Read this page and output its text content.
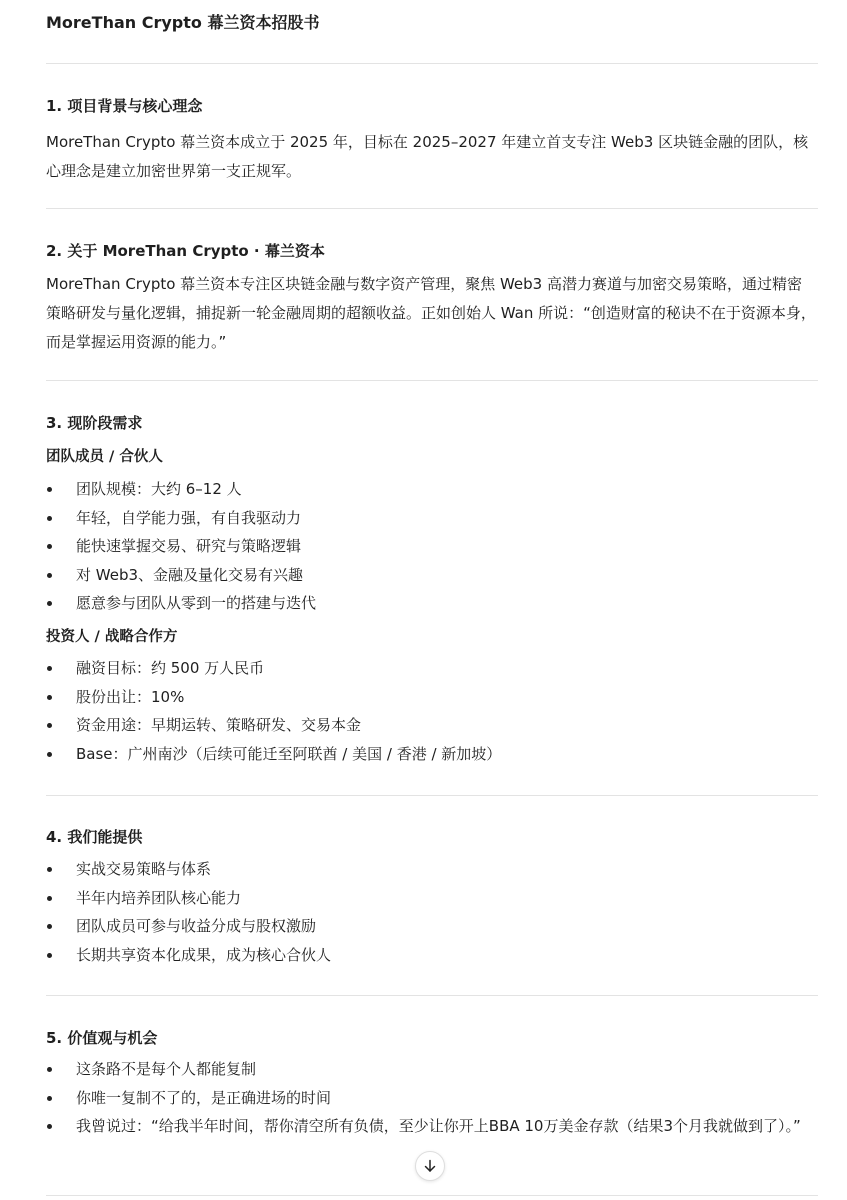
MoreThan Crypto 幕兰资本招股书
1. 项目背景与核心理念
MoreThan Crypto 幕兰资本成立于 2025 年，目标在 2025–2027 年建立首支专注 Web3 区块链金融的团队，核心理念是建立加密世界第一支正规军。
2. 关于 MoreThan Crypto · 幕兰资本
MoreThan Crypto 幕兰资本专注区块链金融与数字资产管理，聚焦 Web3 高潜力赛道与加密交易策略，通过精密策略研发与量化逻辑，捕捉新一轮金融周期的超额收益。正如创始人 Wan 所说：“创造财富的秘诀不在于资源本身，而是掌握运用资源的能力。”
3. 现阶段需求
团队成员 / 合伙人
团队规模：大约 6–12 人
年轻，自学能力强，有自我驱动力
能快速掌握交易、研究与策略逻辑
对 Web3、金融及量化交易有兴趣
愿意参与团队从零到一的搭建与迭代
投资人 / 战略合作方
融资目标：约 500 万人民币
股份出让：10%
资金用途：早期运转、策略研发、交易本金
Base：广州南沙（后续可能迁至阿联酋 / 美国 / 香港 / 新加坡）
4. 我们能提供
实战交易策略与体系
半年内培养团队核心能力
团队成员可参与收益分成与股权激励
长期共享资本化成果，成为核心合伙人
5. 价值观与机会
这条路不是每个人都能复制
你唯一复制不了的，是正确进场的时间
我曾说过：“给我半年时间，帮你清空所有负债，至少让你开上BBA 10万美金存款（结果3个月我就做到了）。”
